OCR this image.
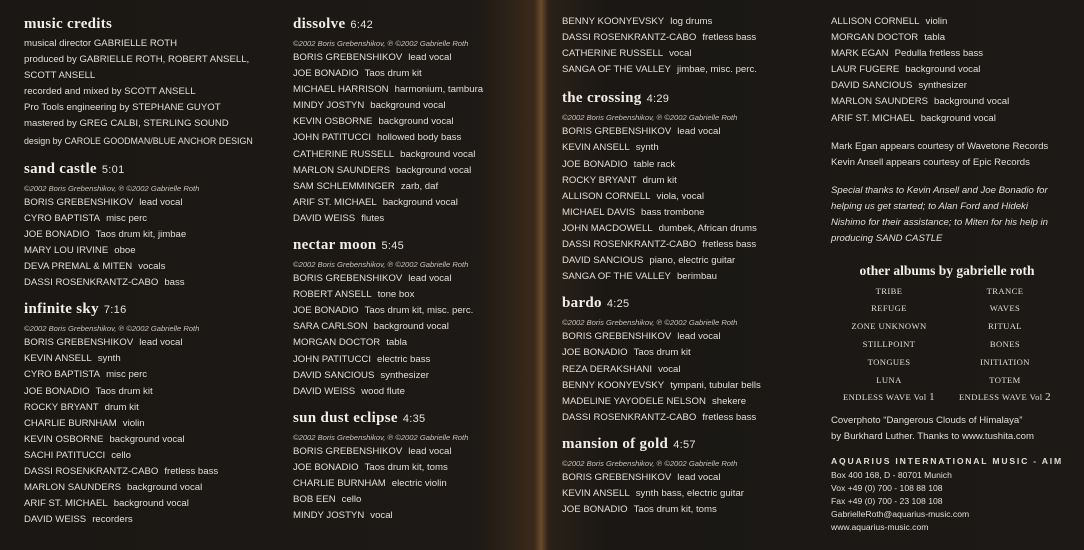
music credits
musical director GABRIELLE ROTH
produced by GABRIELLE ROTH, ROBERT ANSELL,
SCOTT ANSELL
recorded and mixed by SCOTT ANSELL
Pro Tools engineering by STEPHANE GUYOT
mastered by GREG CALBI, STERLING SOUND
design by CAROLE GOODMAN/BLUE ANCHOR DESIGN
sand castle 5:01
©2002 Boris Grebenshikov, ℗ ©2002 Gabrielle Roth
BORIS GREBENSHIKOV lead vocal
CYRO BAPTISTA misc perc
JOE BONADIO Taos drum kit, jimbae
MARY LOU IRVINE oboe
DEVA PREMAL & MITEN vocals
DASSI ROSENKRANTZ-CABO bass
infinite sky 7:16
©2002 Boris Grebenshikov, ℗ ©2002 Gabrielle Roth
BORIS GREBENSHIKOV lead vocal
KEVIN ANSELL synth
CYRO BAPTISTA misc perc
JOE BONADIO Taos drum kit
ROCKY BRYANT drum kit
CHARLIE BURNHAM violin
KEVIN OSBORNE background vocal
SACHI PATITUCCI cello
DASSI ROSENKRANTZ-CABO fretless bass
MARLON SAUNDERS background vocal
ARIF ST. MICHAEL background vocal
DAVID WEISS recorders
dissolve 6:42
©2002 Boris Grebenshikov, ℗ ©2002 Gabrielle Roth
BORIS GREBENSHIKOV lead vocal
JOE BONADIO Taos drum kit
MICHAEL HARRISON harmonium, tambura
MINDY JOSTYN background vocal
KEVIN OSBORNE background vocal
JOHN PATITUCCI hollowed body bass
CATHERINE RUSSELL background vocal
MARLON SAUNDERS background vocal
SAM SCHLEMMINGER zarb, daf
ARIF ST. MICHAEL background vocal
DAVID WEISS flutes
nectar moon 5:45
©2002 Boris Grebenshikov, ℗ ©2002 Gabrielle Roth
BORIS GREBENSHIKOV lead vocal
ROBERT ANSELL tone box
JOE BONADIO Taos drum kit, misc. perc.
SARA CARLSON background vocal
MORGAN DOCTOR tabla
JOHN PATITUCCI electric bass
DAVID SANCIOUS synthesizer
DAVID WEISS wood flute
sun dust eclipse 4:35
©2002 Boris Grebenshikov, ℗ ©2002 Gabrielle Roth
BORIS GREBENSHIKOV lead vocal
JOE BONADIO Taos drum kit, toms
CHARLIE BURNHAM electric violin
BOB EEN cello
MINDY JOSTYN vocal
BENNY KOONYEVSKY log drums
DASSI ROSENKRANTZ-CABO fretless bass
CATHERINE RUSSELL vocal
SANGA OF THE VALLEY jimbae, misc. perc.
the crossing 4:29
©2002 Boris Grebenshikov, ℗ ©2002 Gabrielle Roth
BORIS GREBENSHIKOV lead vocal
KEVIN ANSELL synth
JOE BONADIO table rack
ROCKY BRYANT drum kit
ALLISON CORNELL viola, vocal
MICHAEL DAVIS bass trombone
JOHN MACDOWELL dumbek, African drums
DASSI ROSENKRANTZ-CABO fretless bass
DAVID SANCIOUS piano, electric guitar
SANGA OF THE VALLEY berimbau
bardo 4:25
©2002 Boris Grebenshikov, ℗ ©2002 Gabrielle Roth
BORIS GREBENSHIKOV lead vocal
JOE BONADIO Taos drum kit
REZA DERAKSHANI vocal
BENNY KOONYEVSKY tympani, tubular bells
MADELINE YAYODELE NELSON shekere
DASSI ROSENKRANTZ-CABO fretless bass
mansion of gold 4:57
©2002 Boris Grebenshikov, ℗ ©2002 Gabrielle Roth
BORIS GREBENSHIKOV lead vocal
KEVIN ANSELL synth bass, electric guitar
JOE BONADIO Taos drum kit, toms
ALLISON CORNELL violin
MORGAN DOCTOR tabla
MARK EGAN Pedulla fretless bass
LAUR FUGERE background vocal
DAVID SANCIOUS synthesizer
MARLON SAUNDERS background vocal
ARIF ST. MICHAEL background vocal
Mark Egan appears courtesy of Wavetone Records
Kevin Ansell appears courtesy of Epic Records
Special thanks to Kevin Ansell and Joe Bonadio for
helping us get started; to Alan Ford and Hideki
Nishimo for their assistance; to Miten for his help in
producing SAND CASTLE
other albums by gabrielle roth
TRIBE	TRANCE
REFUGE	WAVES
ZONE UNKNOWN	RITUAL
STILLPOINT	BONES
TONGUES	INITIATION
LUNA	TOTEM
ENDLESS WAVE Vol 1	ENDLESS WAVE Vol 2
Coverphoto “Dangerous Clouds of Himalaya”
by Burkhard Luther. Thanks to www.tushita.com
AQUARIUS INTERNATIONAL MUSIC - AIM
Box 400 168, D - 80701 Munich
Vox +49 (0) 700 - 108 88 108
Fax +49 (0) 700 - 23 108 108
GabrielleRoth@aquarius-music.com
www.aquarius-music.com
